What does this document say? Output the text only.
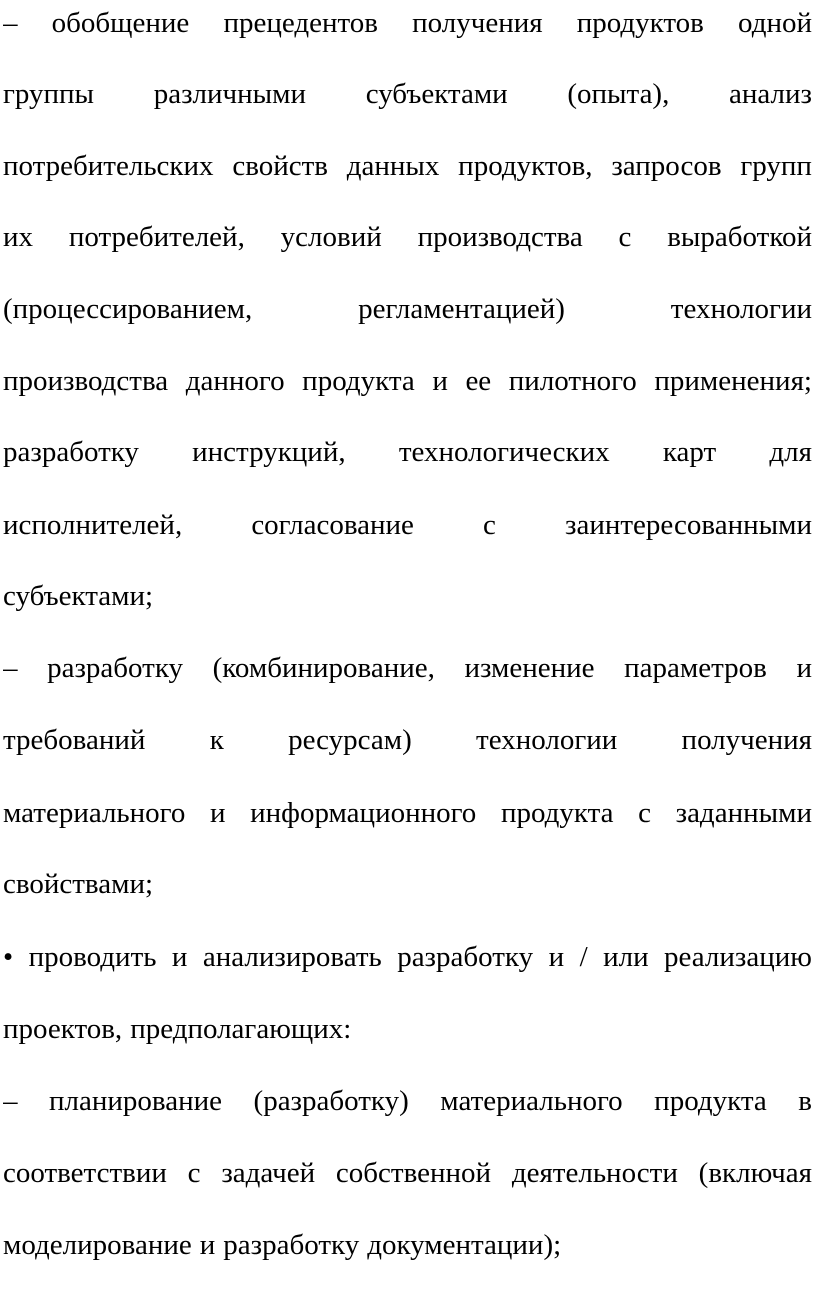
– обобщение прецедентов получения продуктов одной
группы различными субъектами (опыта), анализ
потребительских свойств данных продуктов, запросов групп
их потребителей, условий производства с выработкой
(процессированием,	регламентацией)	технологии
производства данного продукта и ее пилотного применения;
разработку инструкций, технологических карт для
исполнителей, согласование с заинтересованными
субъектами;
– разработку (комбинирование, изменение параметров и
требований к ресурсам) технологии получения
материального и информационного продукта с заданными
свойствами;
• проводить и анализировать разработку и / или реализацию
проектов, предполагающих:
– планирование (разработку) материального продукта в
соответствии с задачей собственной деятельности (включая
моделирование и разработку документации);
